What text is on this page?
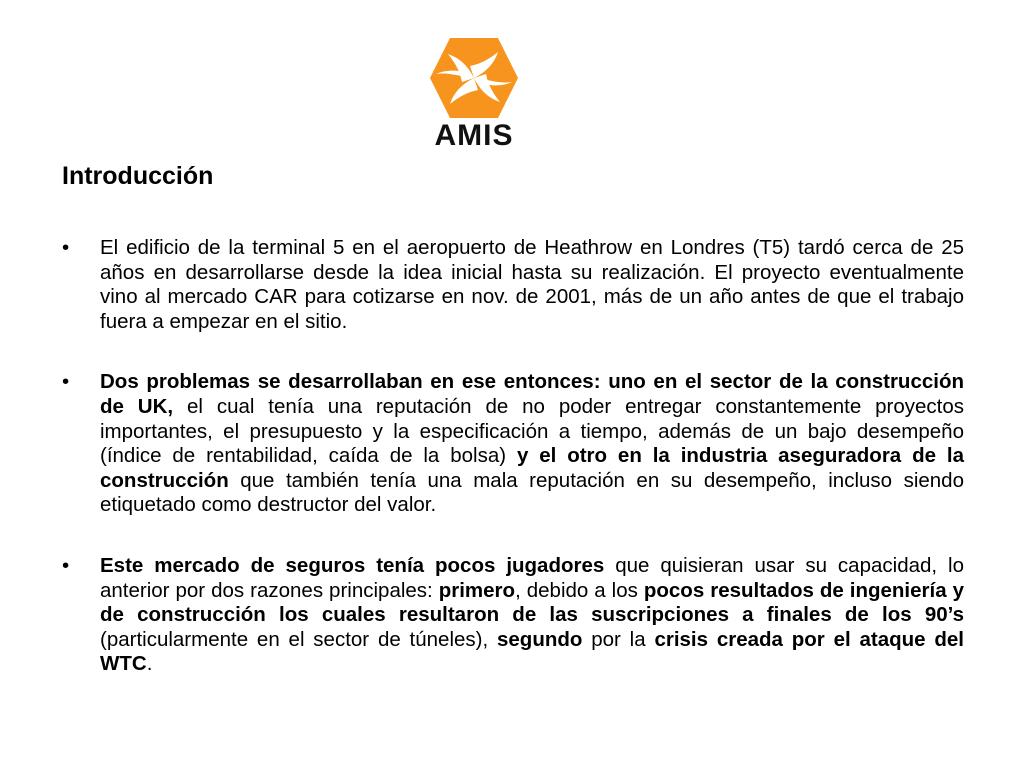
AMIS
Introducción
•	El edificio de la terminal 5 en el aeropuerto de Heathrow en Londres (T5) tardó cerca de 25 años en desarrollarse desde la idea inicial hasta su realización. El proyecto eventualmente vino al mercado CAR para cotizarse en nov. de 2001, más de un año antes de que el trabajo fuera a empezar en el sitio.
•	Dos problemas se desarrollaban en ese entonces: uno en el sector de la construcción de UK, el cual tenía una reputación de no poder entregar constantemente proyectos importantes, el presupuesto y la especificación a tiempo, además de un bajo desempeño (índice de rentabilidad, caída de la bolsa) y el otro en la industria aseguradora de la construcción que también tenía una mala reputación en su desempeño, incluso siendo etiquetado como destructor del valor.
•	Este mercado de seguros tenía pocos jugadores que quisieran usar su capacidad, lo anterior por dos razones principales: primero, debido a los pocos resultados de ingeniería y de construcción los cuales resultaron de las suscripciones a finales de los 90’s (particularmente en el sector de túneles), segundo por la crisis creada por el ataque del WTC.
